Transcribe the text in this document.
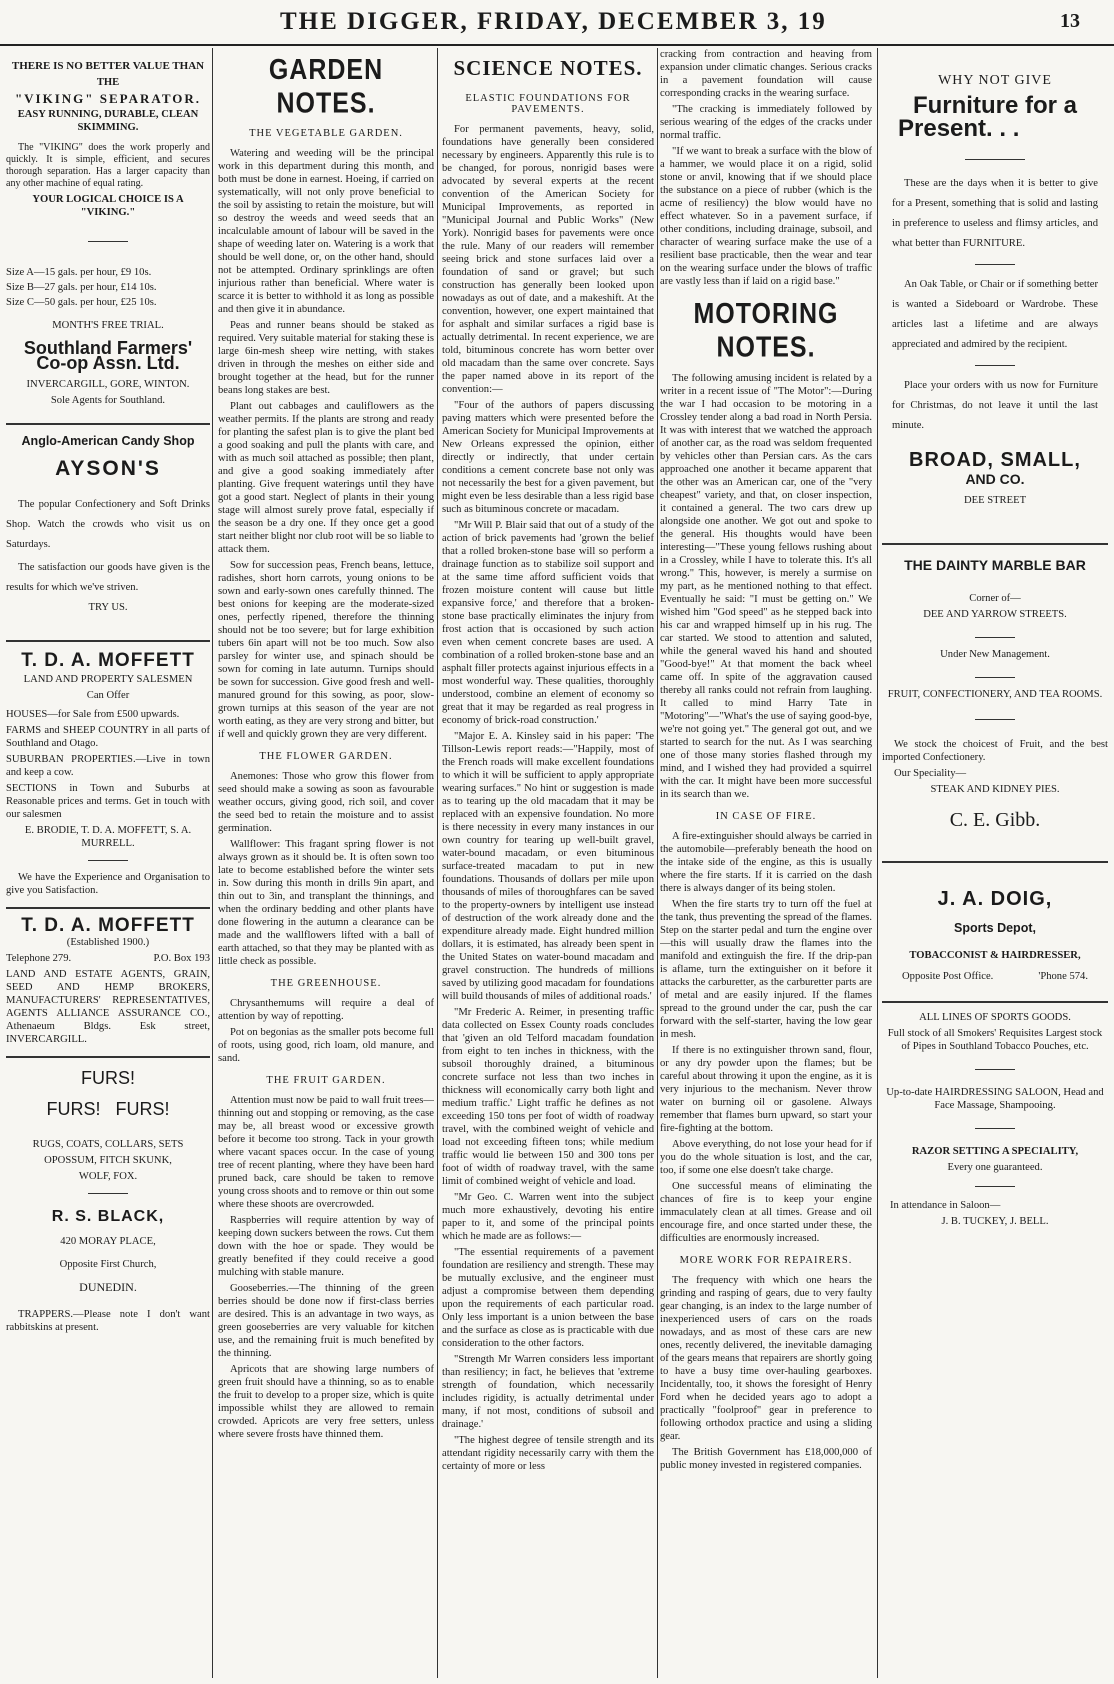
THE DIGGER, FRIDAY, DECEMBER 3, 19	13

THERE IS NO BETTER VALUE THAN

THE

"VIKING" SEPARATOR.

EASY RUNNING, DURABLE, CLEAN SKIMMING.

The "VIKING" does the work properly and quickly. It is simple, efficient, and secures thorough separation. Has a larger capacity than any other machine of equal rating.

YOUR LOGICAL CHOICE IS A "VIKING."

Size A—15 gals. per hour, £9 10s.

Size B—27 gals. per hour, £14 10s.

Size C—50 gals. per hour, £25 10s.

MONTH'S FREE TRIAL.

Southland Farmers'

Co-op Assn. Ltd.

INVERCARGILL, GORE, WINTON.

Sole Agents for Southland.

Anglo-American Candy Shop

AYSON'S

The popular Confectionery and Soft Drinks Shop. Watch the crowds who visit us on Saturdays.

The satisfaction our goods have given is the results for which we've striven.

TRY US.

T. D. A. MOFFETT

LAND AND PROPERTY SALESMEN

Can Offer

HOUSES—for Sale from £500 upwards.

FARMS and SHEEP COUNTRY in all parts of Southland and Otago.

SUBURBAN PROPERTIES.—Live in town and keep a cow.

SECTIONS in Town and Suburbs at Reasonable prices and terms. Get in touch with our salesmen

E. BRODIE, T. D. A. MOFFETT, S. A. MURRELL.

We have the Experience and Organisation to give you Satisfaction.

T. D. A. MOFFETT

(Established 1900.)

Telephone 279.	P.O. Box 193

LAND AND ESTATE AGENTS, GRAIN, SEED AND HEMP BROKERS, MANUFACTURERS' REPRESENTATIVES, AGENTS ALLIANCE ASSURANCE CO., Athenaeum Bldgs. Esk street, INVERCARGILL.

FURS!

FURS!   FURS!

RUGS, COATS, COLLARS, SETS

OPOSSUM, FITCH SKUNK,

WOLF, FOX.

R. S. BLACK,

420 MORAY PLACE,

Opposite First Church,

DUNEDIN.

TRAPPERS.—Please note I don't want rabbitskins at present.

GARDEN NOTES.
THE VEGETABLE GARDEN.

Watering and weeding will be the principal work in this department during this month, and both must be done in earnest. Hoeing, if carried on systematically, will not only prove beneficial to the soil by assisting to retain the moisture, but will so destroy the weeds and weed seeds that an incalculable amount of labour will be saved in the shape of weeding later on. Watering is a work that should be well done, or, on the other hand, should not be attempted. Ordinary sprinklings are often injurious rather than beneficial. Where water is scarce it is better to withhold it as long as possible and then give it in abundance.

Peas and runner beans should be staked as required. Very suitable material for staking these is large 6in-mesh sheep wire netting, with stakes driven in through the meshes on either side and brought together at the head, but for the runner beans long stakes are best.

Plant out cabbages and cauliflowers as the weather permits. If the plants are strong and ready for planting the safest plan is to give the plant bed a good soaking and pull the plants with care, and with as much soil attached as possible; then plant, and give a good soaking immediately after planting. Give frequent waterings until they have got a good start. Neglect of plants in their young stage will almost surely prove fatal, especially if the season be a dry one. If they once get a good start neither blight nor club root will be so liable to attack them.

Sow for succession peas, French beans, lettuce, radishes, short horn carrots, young onions to be sown and early-sown ones carefully thinned. The best onions for keeping are the moderate-sized ones, perfectly ripened, therefore the thinning should not be too severe; but for large exhibition tubers 6in apart will not be too much. Sow also parsley for winter use, and spinach should be sown for coming in late autumn. Turnips should be sown for succession. Give good fresh and well-manured ground for this sowing, as poor, slow-grown turnips at this season of the year are not worth eating, as they are very strong and bitter, but if well and quickly grown they are very different.

THE FLOWER GARDEN.

Anemones: Those who grow this flower from seed should make a sowing as soon as favourable weather occurs, giving good, rich soil, and cover the seed bed to retain the moisture and to assist germination.

Wallflower: This fragant spring flower is not always grown as it should be. It is often sown too late to become established before the winter sets in. Sow during this month in drills 9in apart, and thin out to 3in, and transplant the thinnings, and when the ordinary bedding and other plants have done flowering in the autumn a clearance can be made and the wallflowers lifted with a ball of earth attached, so that they may be planted with as little check as possible.

THE GREENHOUSE.

Chrysanthemums will require a deal of attention by way of repotting.

Pot on begonias as the smaller pots become full of roots, using good, rich loam, old manure, and sand.

THE FRUIT GARDEN.

Attention must now be paid to wall fruit trees—thinning out and stopping or removing, as the case may be, all breast wood or excessive growth before it become too strong. Tack in your growth where vacant spaces occur. In the case of young tree of recent planting, where they have been hard pruned back, care should be taken to remove young cross shoots and to remove or thin out some where these shoots are overcrowded.

Raspberries will require attention by way of keeping down suckers between the rows. Cut them down with the hoe or spade. They would be greatly benefited if they could receive a good mulching with stable manure.

Gooseberries.—The thinning of the green berries should be done now if first-class berries are desired. This is an advantage in two ways, as green gooseberries are very valuable for kitchen use, and the remaining fruit is much benefited by the thinning.

Apricots that are showing large numbers of green fruit should have a thinning, so as to enable the fruit to develop to a proper size, which is quite impossible whilst they are allowed to remain crowded. Apricots are very free setters, unless where severe frosts have thinned them.

SCIENCE NOTES.
ELASTIC FOUNDATIONS FOR PAVEMENTS.

For permanent pavements, heavy, solid, foundations have generally been considered necessary by engineers. Apparently this rule is to be changed, for porous, nonrigid bases were advocated by several experts at the recent convention of the American Society for Municipal Improvements, as reported in "Municipal Journal and Public Works" (New York). Nonrigid bases for pavements were once the rule. Many of our readers will remember seeing brick and stone surfaces laid over a foundation of sand or gravel; but such construction has generally been looked upon nowadays as out of date, and a makeshift. At the convention, however, one expert maintained that for asphalt and similar surfaces a rigid base is actually detrimental. In recent experience, we are told, bituminous concrete has worn better over old macadam than the same over concrete. Says the paper named above in its report of the convention:—

"Four of the authors of papers discussing paving matters which were presented before the American Society for Municipal Improvements at New Orleans expressed the opinion, either directly or indirectly, that under certain conditions a cement concrete base not only was not necessarily the best for a given pavement, but might even be less desirable than a less rigid base such as bituminous concrete or macadam.

"Mr Will P. Blair said that out of a study of the action of brick pavements had 'grown the belief that a rolled broken-stone base will so perform a drainage function as to stabilize soil support and at the same time afford sufficient voids that frozen moisture content will cause but little expansive force,' and therefore that a broken-stone base practically eliminates the injury from frost action that is occasioned by such action even when cement concrete bases are used. A combination of a rolled broken-stone base and an asphalt filler protects against injurious effects in a most wonderful way. These qualities, thoroughly understood, combine an element of economy so great that it may be regarded as real progress in economy of brick-road construction.'

"Major E. A. Kinsley said in his paper: 'The Tillson-Lewis report reads:—"Happily, most of the French roads will make excellent foundations to which it will be sufficient to apply appropriate wearing surfaces." No hint or suggestion is made as to tearing up the old macadam that it may be replaced with an expensive foundation. No more is there necessity in every many instances in our own country for tearing up well-built gravel, water-bound macadam, or even bituminous surface-treated macadam to put in new foundations. Thousands of dollars per mile upon thousands of miles of thoroughfares can be saved to the property-owners by intelligent use instead of destruction of the work already done and the expenditure already made. Eight hundred million dollars, it is estimated, has already been spent in the United States on water-bound macadam and gravel construction. The hundreds of millions saved by utilizing good macadam for foundations will build thousands of miles of additional roads.'

"Mr Frederic A. Reimer, in presenting traffic data collected on Essex County roads concludes that 'given an old Telford macadam foundation from eight to ten inches in thickness, with the subsoil thoroughly drained, a bituminous concrete surface not less than two inches in thickness will economically carry both light and medium traffic.' Light traffic he defines as not exceeding 150 tons per foot of width of roadway travel, with the combined weight of vehicle and load not exceeding fifteen tons; while medium traffic would lie between 150 and 300 tons per foot of width of roadway travel, with the same limit of combined weight of vehicle and load.

"Mr Geo. C. Warren went into the subject much more exhaustively, devoting his entire paper to it, and some of the principal points which he made are as follows:—

"The essential requirements of a pavement foundation are resiliency and strength. These may be mutually exclusive, and the engineer must adjust a compromise between them depending upon the requirements of each particular road. Only less important is a union between the base and the surface as close as is practicable with due consideration to the other factors.

"Strength Mr Warren considers less important than resiliency; in fact, he believes that 'extreme strength of foundation, which necessarily includes rigidity, is actually detrimental under many, if not most, conditions of subsoil and drainage.'

"The highest degree of tensile strength and its attendant rigidity necessarily carry with them the certainty of more or less

cracking from contraction and heaving from expansion under climatic changes. Serious cracks in a pavement foundation will cause corresponding cracks in the wearing surface.

"The cracking is immediately followed by serious wearing of the edges of the cracks under normal traffic.

"If we want to break a surface with the blow of a hammer, we would place it on a rigid, solid stone or anvil, knowing that if we should place the substance on a piece of rubber (which is the acme of resiliency) the blow would have no effect whatever. So in a pavement surface, if other conditions, including drainage, subsoil, and character of wearing surface make the use of a resilient base practicable, then the wear and tear on the wearing surface under the blows of traffic are vastly less than if laid on a rigid base."

MOTORING NOTES.

The following amusing incident is related by a writer in a recent issue of "The Motor":—During the war I had occasion to be motoring in a Crossley tender along a bad road in North Persia. It was with interest that we watched the approach of another car, as the road was seldom frequented by vehicles other than Persian cars. As the cars approached one another it became apparent that the other was an American car, one of the "very cheapest" variety, and that, on closer inspection, it contained a general. The two cars drew up alongside one another. We got out and spoke to the general. His thoughts would have been interesting—"These young fellows rushing about in a Crossley, while I have to tolerate this. It's all wrong." This, however, is merely a surmise on my part, as he mentioned nothing to that effect. Eventually he said: "I must be getting on." We wished him "God speed" as he stepped back into his car and wrapped himself up in his rug. The car started. We stood to attention and saluted, while the general waved his hand and shouted "Good-bye!" At that moment the back wheel came off. In spite of the aggravation caused thereby all ranks could not refrain from laughing. It called to mind Harry Tate in "Motoring"—"What's the use of saying good-bye, we're not going yet." The general got out, and we started to search for the nut. As I was searching one of those many stories flashed through my mind, and I wished they had provided a squirrel with the car. It might have been more successful in its search than we.

IN CASE OF FIRE.

A fire-extinguisher should always be carried in the automobile—preferably beneath the hood on the intake side of the engine, as this is usually where the fire starts. If it is carried on the dash there is always danger of its being stolen.

When the fire starts try to turn off the fuel at the tank, thus preventing the spread of the flames. Step on the starter pedal and turn the engine over—this will usually draw the flames into the manifold and extinguish the fire. If the drip-pan is aflame, turn the extinguisher on it before it attacks the carburetter, as the carburetter parts are of metal and are easily injured. If the flames spread to the ground under the car, push the car forward with the self-starter, having the low gear in mesh.

If there is no extinguisher thrown sand, flour, or any dry powder upon the flames; but be careful about throwing it upon the engine, as it is very injurious to the mechanism. Never throw water on burning oil or gasolene. Always remember that flames burn upward, so start your fire-fighting at the bottom.

Above everything, do not lose your head for if you do the whole situation is lost, and the car, too, if some one else doesn't take charge.

One successful means of eliminating the chances of fire is to keep your engine immaculately clean at all times. Grease and oil encourage fire, and once started under these, the difficulties are enormously increased.

MORE WORK FOR REPAIRERS.

The frequency with which one hears the grinding and rasping of gears, due to very faulty gear changing, is an index to the large number of inexperienced users of cars on the roads nowadays, and as most of these cars are new ones, recently delivered, the inevitable damaging of the gears means that repairers are shortly going to have a busy time over-hauling gearboxes. Incidentally, too, it shows the foresight of Henry Ford when he decided years ago to adopt a practically "foolproof" gear in preference to following orthodox practice and using a sliding gear.

The British Government has £18,000,000 of public money invested in registered companies.

WHY NOT GIVE

Furniture for a

Present. . .

These are the days when it is better to give for a Present, something that is solid and lasting in preference to useless and flimsy articles, and what better than FURNITURE.

An Oak Table, or Chair or if something better is wanted a Sideboard or Wardrobe. These articles last a lifetime and are always appreciated and admired by the recipient.

Place your orders with us now for Furniture for Christmas, do not leave it until the last minute.

BROAD, SMALL,

AND CO.

DEE STREET

THE DAINTY MARBLE BAR

Corner of—

DEE AND YARROW STREETS.

Under New Management.

FRUIT, CONFECTIONERY, AND TEA ROOMS.

We stock the choicest of Fruit, and the best imported Confectionery.

Our Speciality—

STEAK AND KIDNEY PIES.

C. E. Gibb.

J. A. DOIG,

Sports Depot,

TOBACCONIST & HAIRDRESSER,

Opposite Post Office.	'Phone 574.

ALL LINES OF SPORTS GOODS.

Full stock of all Smokers' Requisites Largest stock of Pipes in Southland Tobacco Pouches, etc.

Up-to-date HAIRDRESSING SALOON, Head and Face Massage, Shampooing.

RAZOR SETTING A SPECIALITY,

Every one guaranteed.

In attendance in Saloon—

J. B. TUCKEY, J. BELL.
